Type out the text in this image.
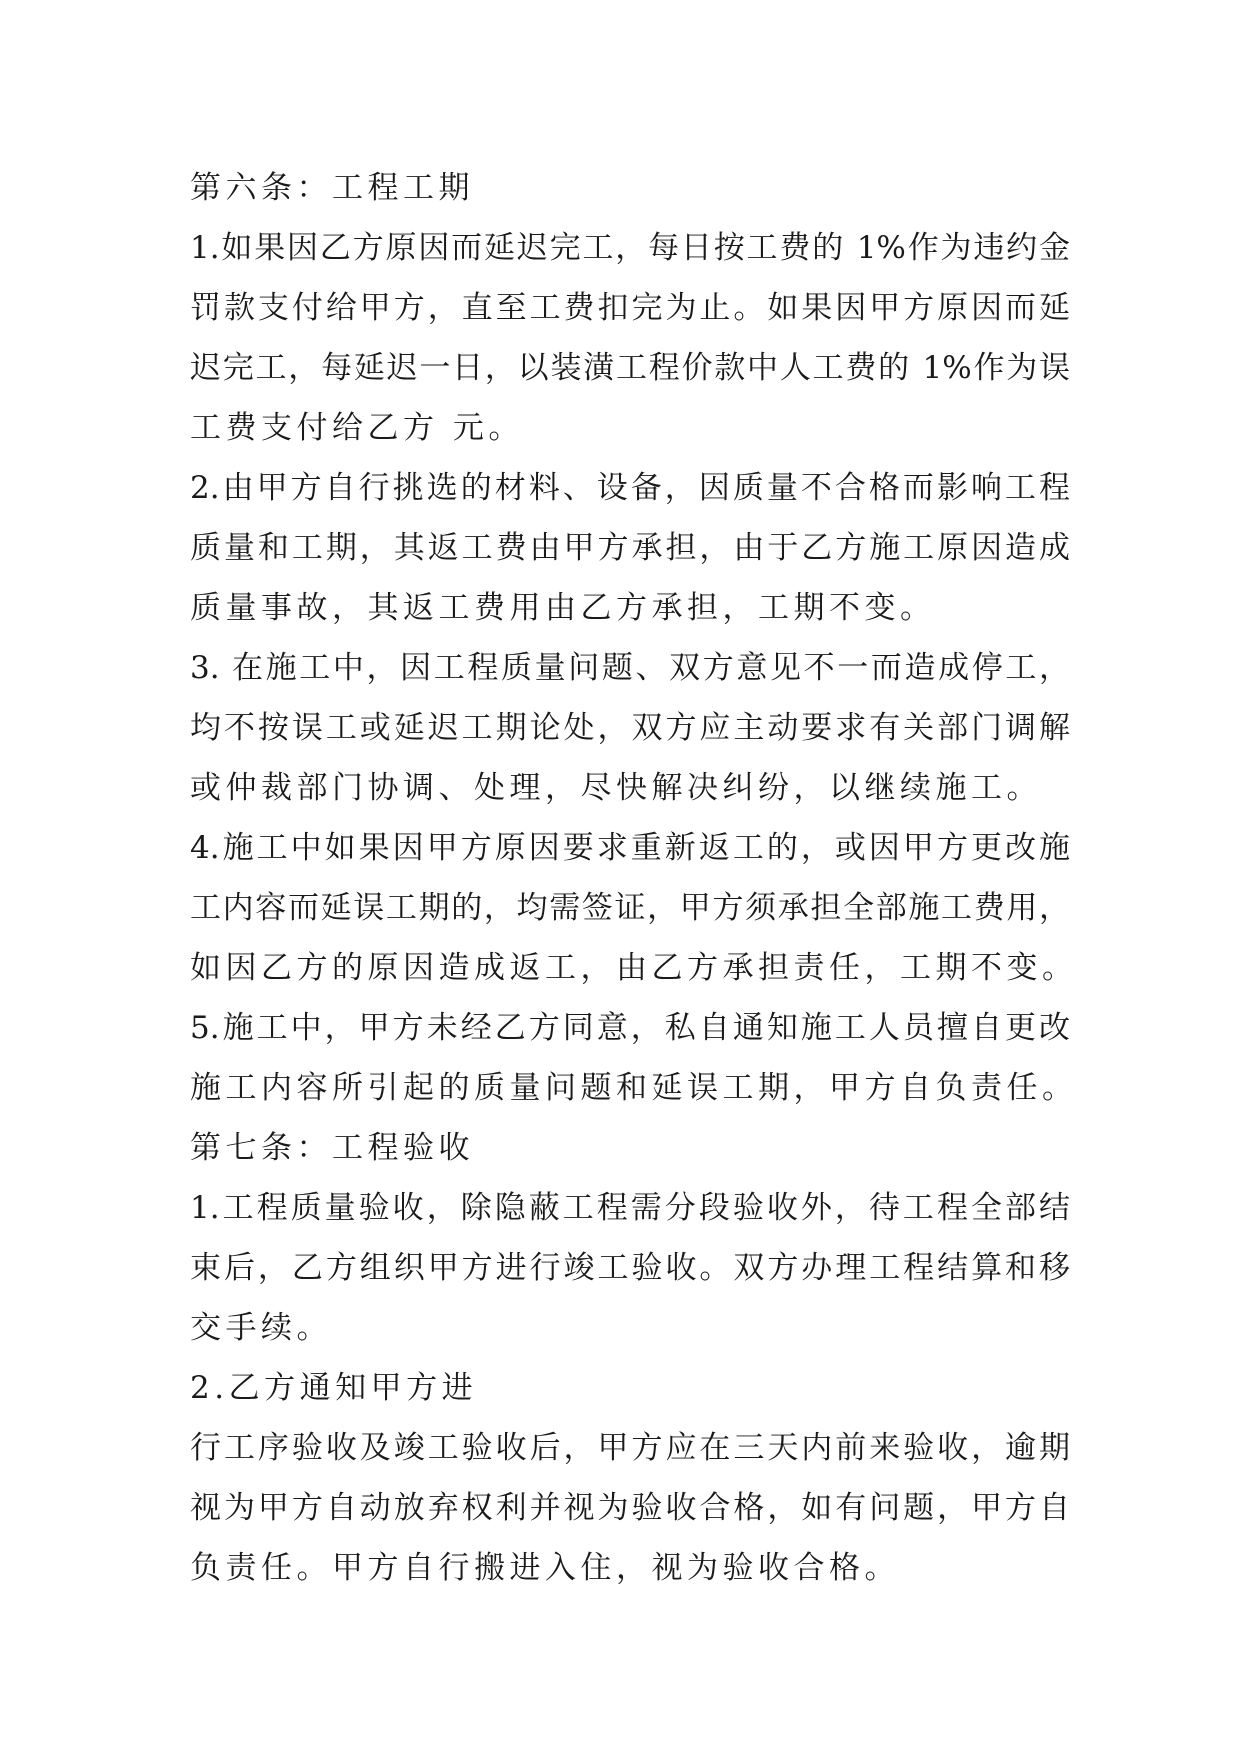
第六条：工程工期
1.如果因乙方原因而延迟完工，每日按工费的 1%作为违约金
罚款支付给甲方，直至工费扣完为止。如果因甲方原因而延
迟完工，每延迟一日，以装潢工程价款中人工费的 1%作为误
工费支付给乙方 元。
2.由甲方自行挑选的材料、设备，因质量不合格而影响工程
质量和工期，其返工费由甲方承担，由于乙方施工原因造成
质量事故，其返工费用由乙方承担，工期不变。
3. 在施工中，因工程质量问题、双方意见不一而造成停工，
均不按误工或延迟工期论处，双方应主动要求有关部门调解
或仲裁部门协调、处理，尽快解决纠纷，以继续施工。
4.施工中如果因甲方原因要求重新返工的，或因甲方更改施
工内容而延误工期的，均需签证，甲方须承担全部施工费用，
如因乙方的原因造成返工，由乙方承担责任，工期不变。
5.施工中，甲方未经乙方同意，私自通知施工人员擅自更改
施工内容所引起的质量问题和延误工期，甲方自负责任。
第七条：工程验收
1.工程质量验收，除隐蔽工程需分段验收外，待工程全部结
束后，乙方组织甲方进行竣工验收。双方办理工程结算和移
交手续。
2.乙方通知甲方进
行工序验收及竣工验收后，甲方应在三天内前来验收，逾期
视为甲方自动放弃权利并视为验收合格，如有问题，甲方自
负责任。甲方自行搬进入住，视为验收合格。
